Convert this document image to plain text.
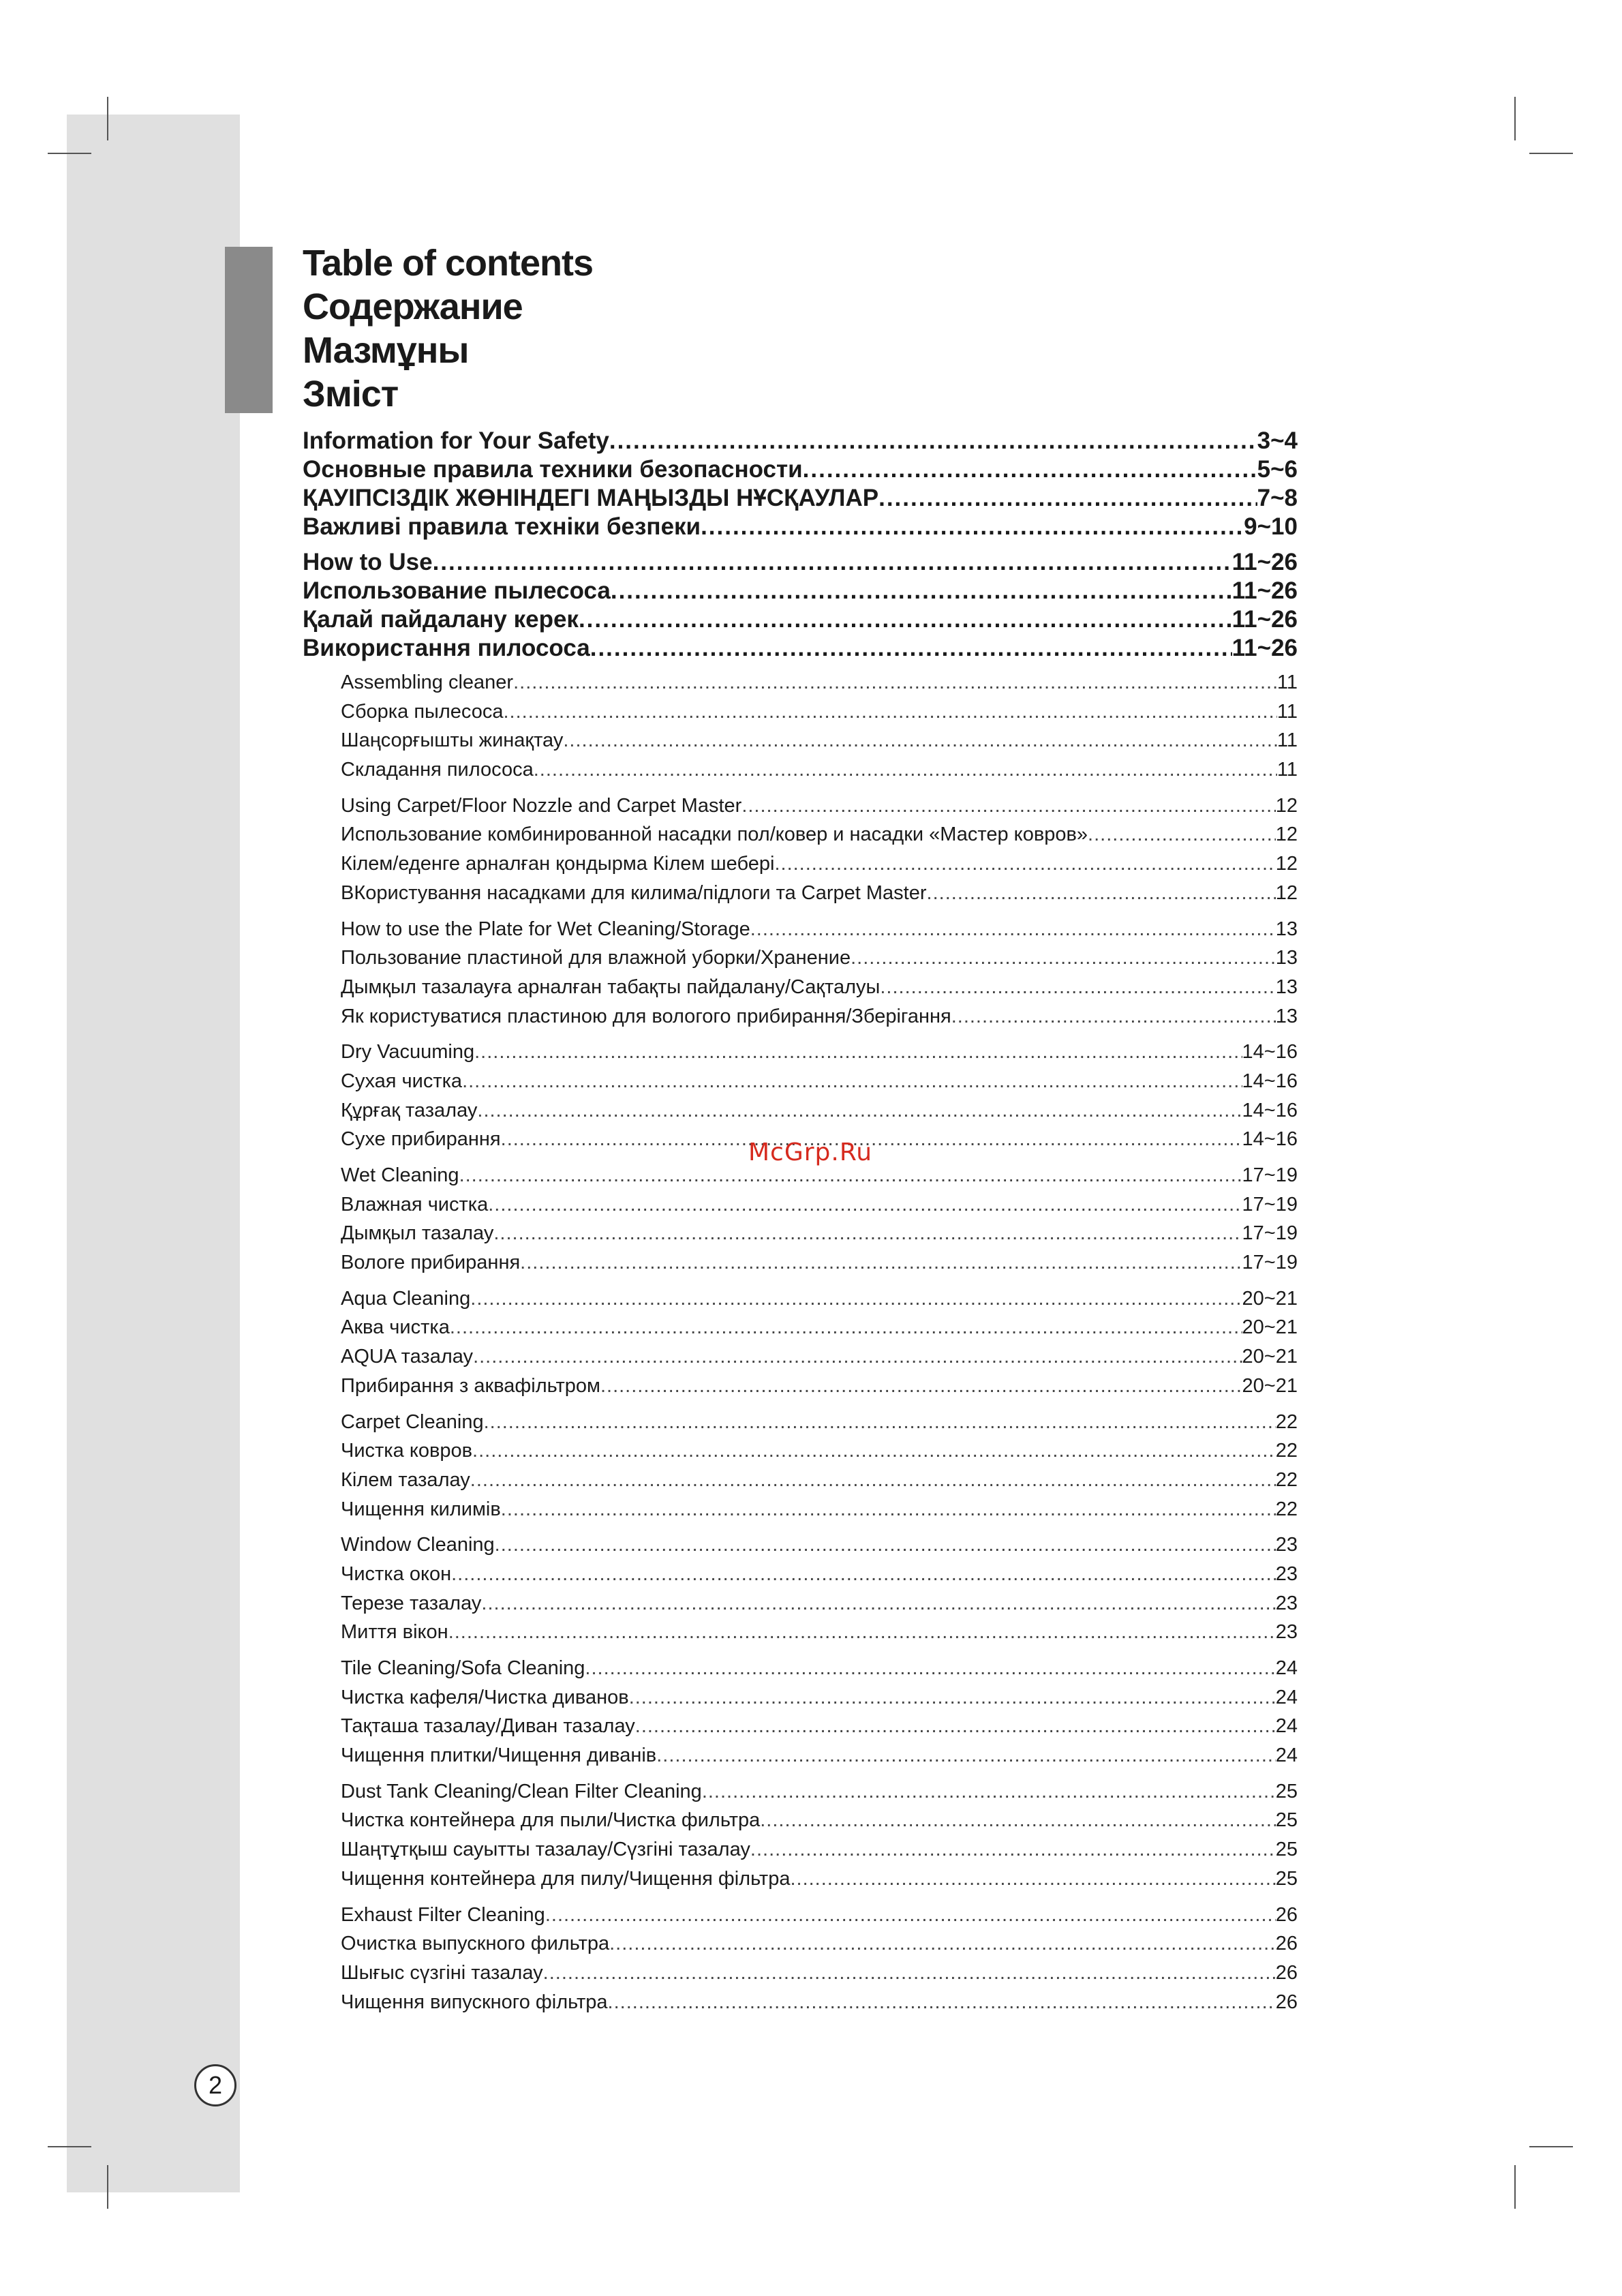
Table of contents
Содержание
Мазмұны
Зміст
Information for Your Safety .....	3~4
Основные правила техники безопасности .....	5~6
ҚАУІПСІЗДІК ЖӨНІНДЕГІ МАҢЫЗДЫ НҰСҚАУЛАР .....	7~8
Важливі правила техніки безпеки .....	9~10
How to Use .....	11~26
Использование пылесоса .....	11~26
Қалай пайдалану керек .....	11~26
Використання пилососа .....	11~26
Assembling cleaner .....	11
Сборка пылесоса .....	11
Шаңсорғышты жинақтау .....	11
Складання пилососа .....	11
Using Carpet/Floor Nozzle and Carpet Master .....	12
Использование комбинированной насадки пол/ковер и насадки «Мастер ковров» .....	12
Кілем/еденге арналған қондырма Кілем шебері .....	12
ВКористування насадками для килима/підлоги та Carpet Master .....	12
How to use the Plate for Wet Cleaning/Storage .....	13
Пользование пластиной для влажной уборки/Хранение .....	13
Дымқыл тазалауға арналған табақты пайдалану/Сақталуы .....	13
Як користуватися пластиною для вологого прибирання/Зберігання .....	13
Dry Vacuuming .....	14~16
Сухая чистка .....	14~16
Құрғақ тазалау .....	14~16
Сухе прибирання .....	14~16
Wet Cleaning .....	17~19
Влажная чистка .....	17~19
Дымқыл тазалау .....	17~19
Вологе прибирання .....	17~19
Aqua Cleaning .....	20~21
Аква чистка .....	20~21
AQUA тазалау .....	20~21
Прибирання з аквафільтром .....	20~21
Carpet Cleaning .....	22
Чистка ковров .....	22
Кілем тазалау .....	22
Чищення килимів .....	22
Window Cleaning .....	23
Чистка окон .....	23
Терезе тазалау .....	23
Миття вікон .....	23
Tile Cleaning/Sofa Cleaning .....	24
Чистка кафеля/Чистка диванов .....	24
Тақташа тазалау/Диван тазалау .....	24
Чищення плитки/Чищення диванів .....	24
Dust Tank Cleaning/Clean Filter Cleaning .....	25
Чистка контейнера для пыли/Чистка фильтра .....	25
Шаңтұтқыш сауытты тазалау/Сүзгіні тазалау .....	25
Чищення контейнера для пилу/Чищення фільтра .....	25
Exhaust Filter Cleaning .....	26
Очистка выпускного фильтра .....	26
Шығыс сүзгіні тазалау .....	26
Чищення випускного фільтра .....	26
McGrp.Ru
2
